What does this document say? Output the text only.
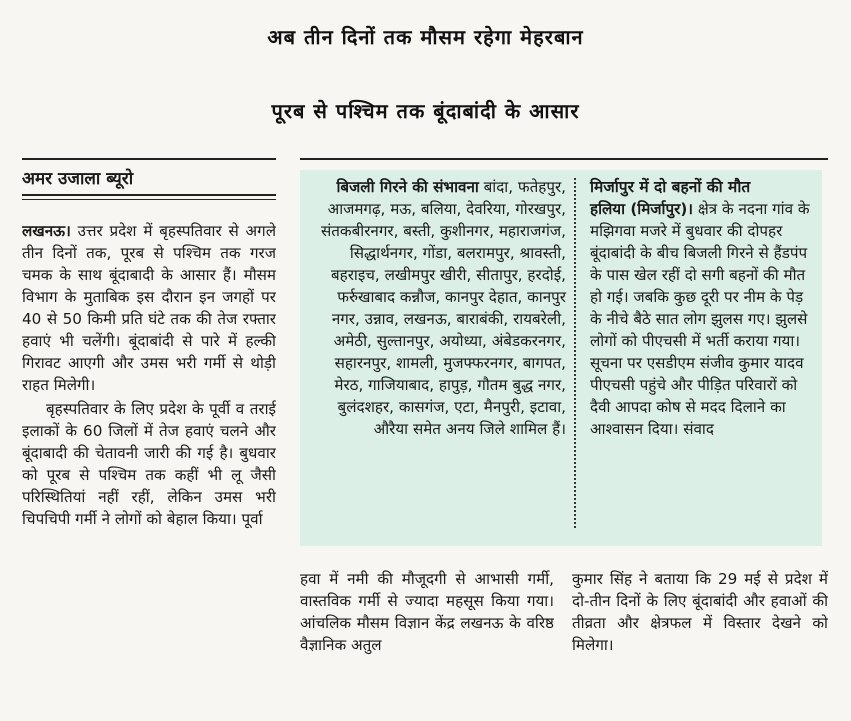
अब तीन दिनों तक मौसम रहेगा मेहरबान
पूरब से पश्चिम तक बूंदाबांदी के आसार
अमर उजाला ब्यूरो

लखनऊ। उत्तर प्रदेश में बृहस्पतिवार से अगले तीन दिनों तक, पूरब से पश्चिम तक गरज चमक के साथ बूंदाबादी के आसार हैं। मौसम विभाग के मुताबिक इस दौरान इन जगहों पर 40 से 50 किमी प्रति घंटे तक की तेज रफ्तार हवाएं भी चलेंगी। बूंदाबांदी से पारे में हल्की गिरावट आएगी और उमस भरी गर्मी से थोड़ी राहत मिलेगी।

बृहस्पतिवार के लिए प्रदेश के पूर्वी व तराई इलाकों के 60 जिलों में तेज हवाएं चलने और बूंदाबादी की चेतावनी जारी की गई है। बुधवार को पूरब से पश्चिम तक कहीं भी लू जैसी परिस्थितियां नहीं रहीं, लेकिन उमस भरी चिपचिपी गर्मी ने लोगों को बेहाल किया। पूर्वा

बिजली गिरने की संभावना बांदा, फतेहपुर, आजमगढ़, मऊ, बलिया, देवरिया, गोरखपुर, संतकबीरनगर, बस्ती, कुशीनगर, महाराजगंज, सिद्धार्थनगर, गोंडा, बलरामपुर, श्रावस्ती, बहराइच, लखीमपुर खीरी, सीतापुर, हरदोई, फर्रुखाबाद कन्नौज, कानपुर देहात, कानपुर नगर, उन्नाव, लखनऊ, बाराबंकी, रायबरेली, अमेठी, सुल्तानपुर, अयोध्या, अंबेडकरनगर, सहारनपुर, शामली, मुजफ्फरनगर, बागपत, मेरठ, गाजियाबाद, हापुड़, गौतम बुद्ध नगर, बुलंदशहर, कासगंज, एटा, मैनपुरी, इटावा, औरैया समेत अनय जिले शामिल हैं।
मिर्जापुर में दो बहनों की मौत
हलिया (मिर्जापुर)। क्षेत्र के नदना गांव के मझिगवा मजरे में बुधवार की दोपहर बूंदाबांदी के बीच बिजली गिरने से हैंडपंप के पास खेल रहीं दो सगी बहनों की मौत हो गई। जबकि कुछ दूरी पर नीम के पेड़ के नीचे बैठे सात लोग झुलस गए। झुलसे लोगों को पीएचसी में भर्ती कराया गया। सूचना पर एसडीएम संजीव कुमार यादव पीएचसी पहुंचे और पीड़ित परिवारों को दैवी आपदा कोष से मदद दिलाने का आश्वासन दिया। संवाद
हवा में नमी की मौजूदगी से आभासी गर्मी, वास्तविक गर्मी से ज्यादा महसूस किया गया। आंचलिक मौसम विज्ञान केंद्र लखनऊ के वरिष्ठ वैज्ञानिक अतुल
कुमार सिंह ने बताया कि 29 मई से प्रदेश में दो-तीन दिनों के लिए बूंदाबांदी और हवाओं की तीव्रता और क्षेत्रफल में विस्तार देखने को मिलेगा।
